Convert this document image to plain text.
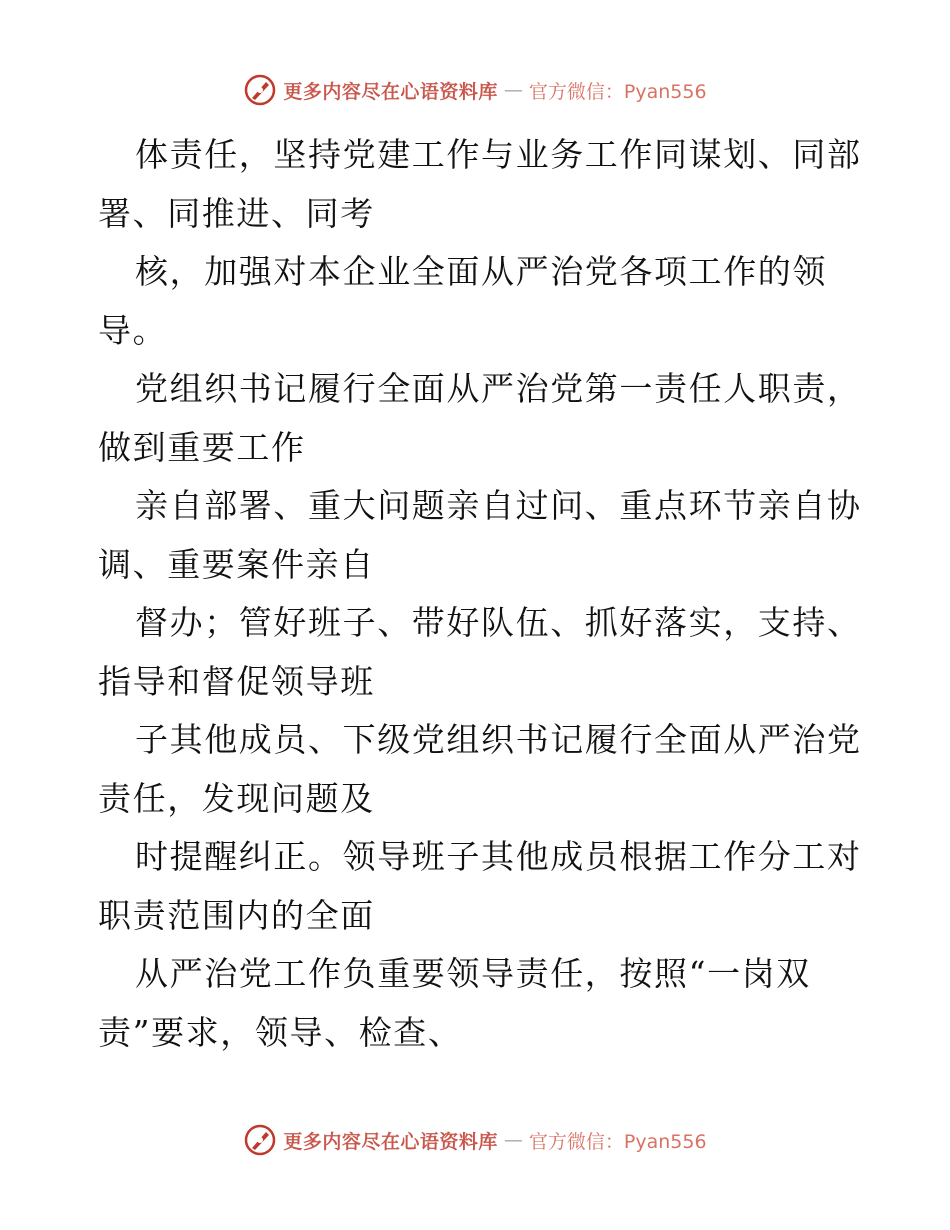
更多内容尽在心语资料库 — 官方微信：Pyan556
体责任，坚持党建工作与业务工作同谋划、同部
署、同推进、同考
核，加强对本企业全面从严治党各项工作的领
导。
党组织书记履行全面从严治党第一责任人职责，
做到重要工作
亲自部署、重大问题亲自过问、重点环节亲自协
调、重要案件亲自
督办；管好班子、带好队伍、抓好落实，支持、
指导和督促领导班
子其他成员、下级党组织书记履行全面从严治党
责任，发现问题及
时提醒纠正。领导班子其他成员根据工作分工对
职责范围内的全面
从严治党工作负重要领导责任，按照“一岗双
责”要求，领导、检查、
更多内容尽在心语资料库 — 官方微信：Pyan556
